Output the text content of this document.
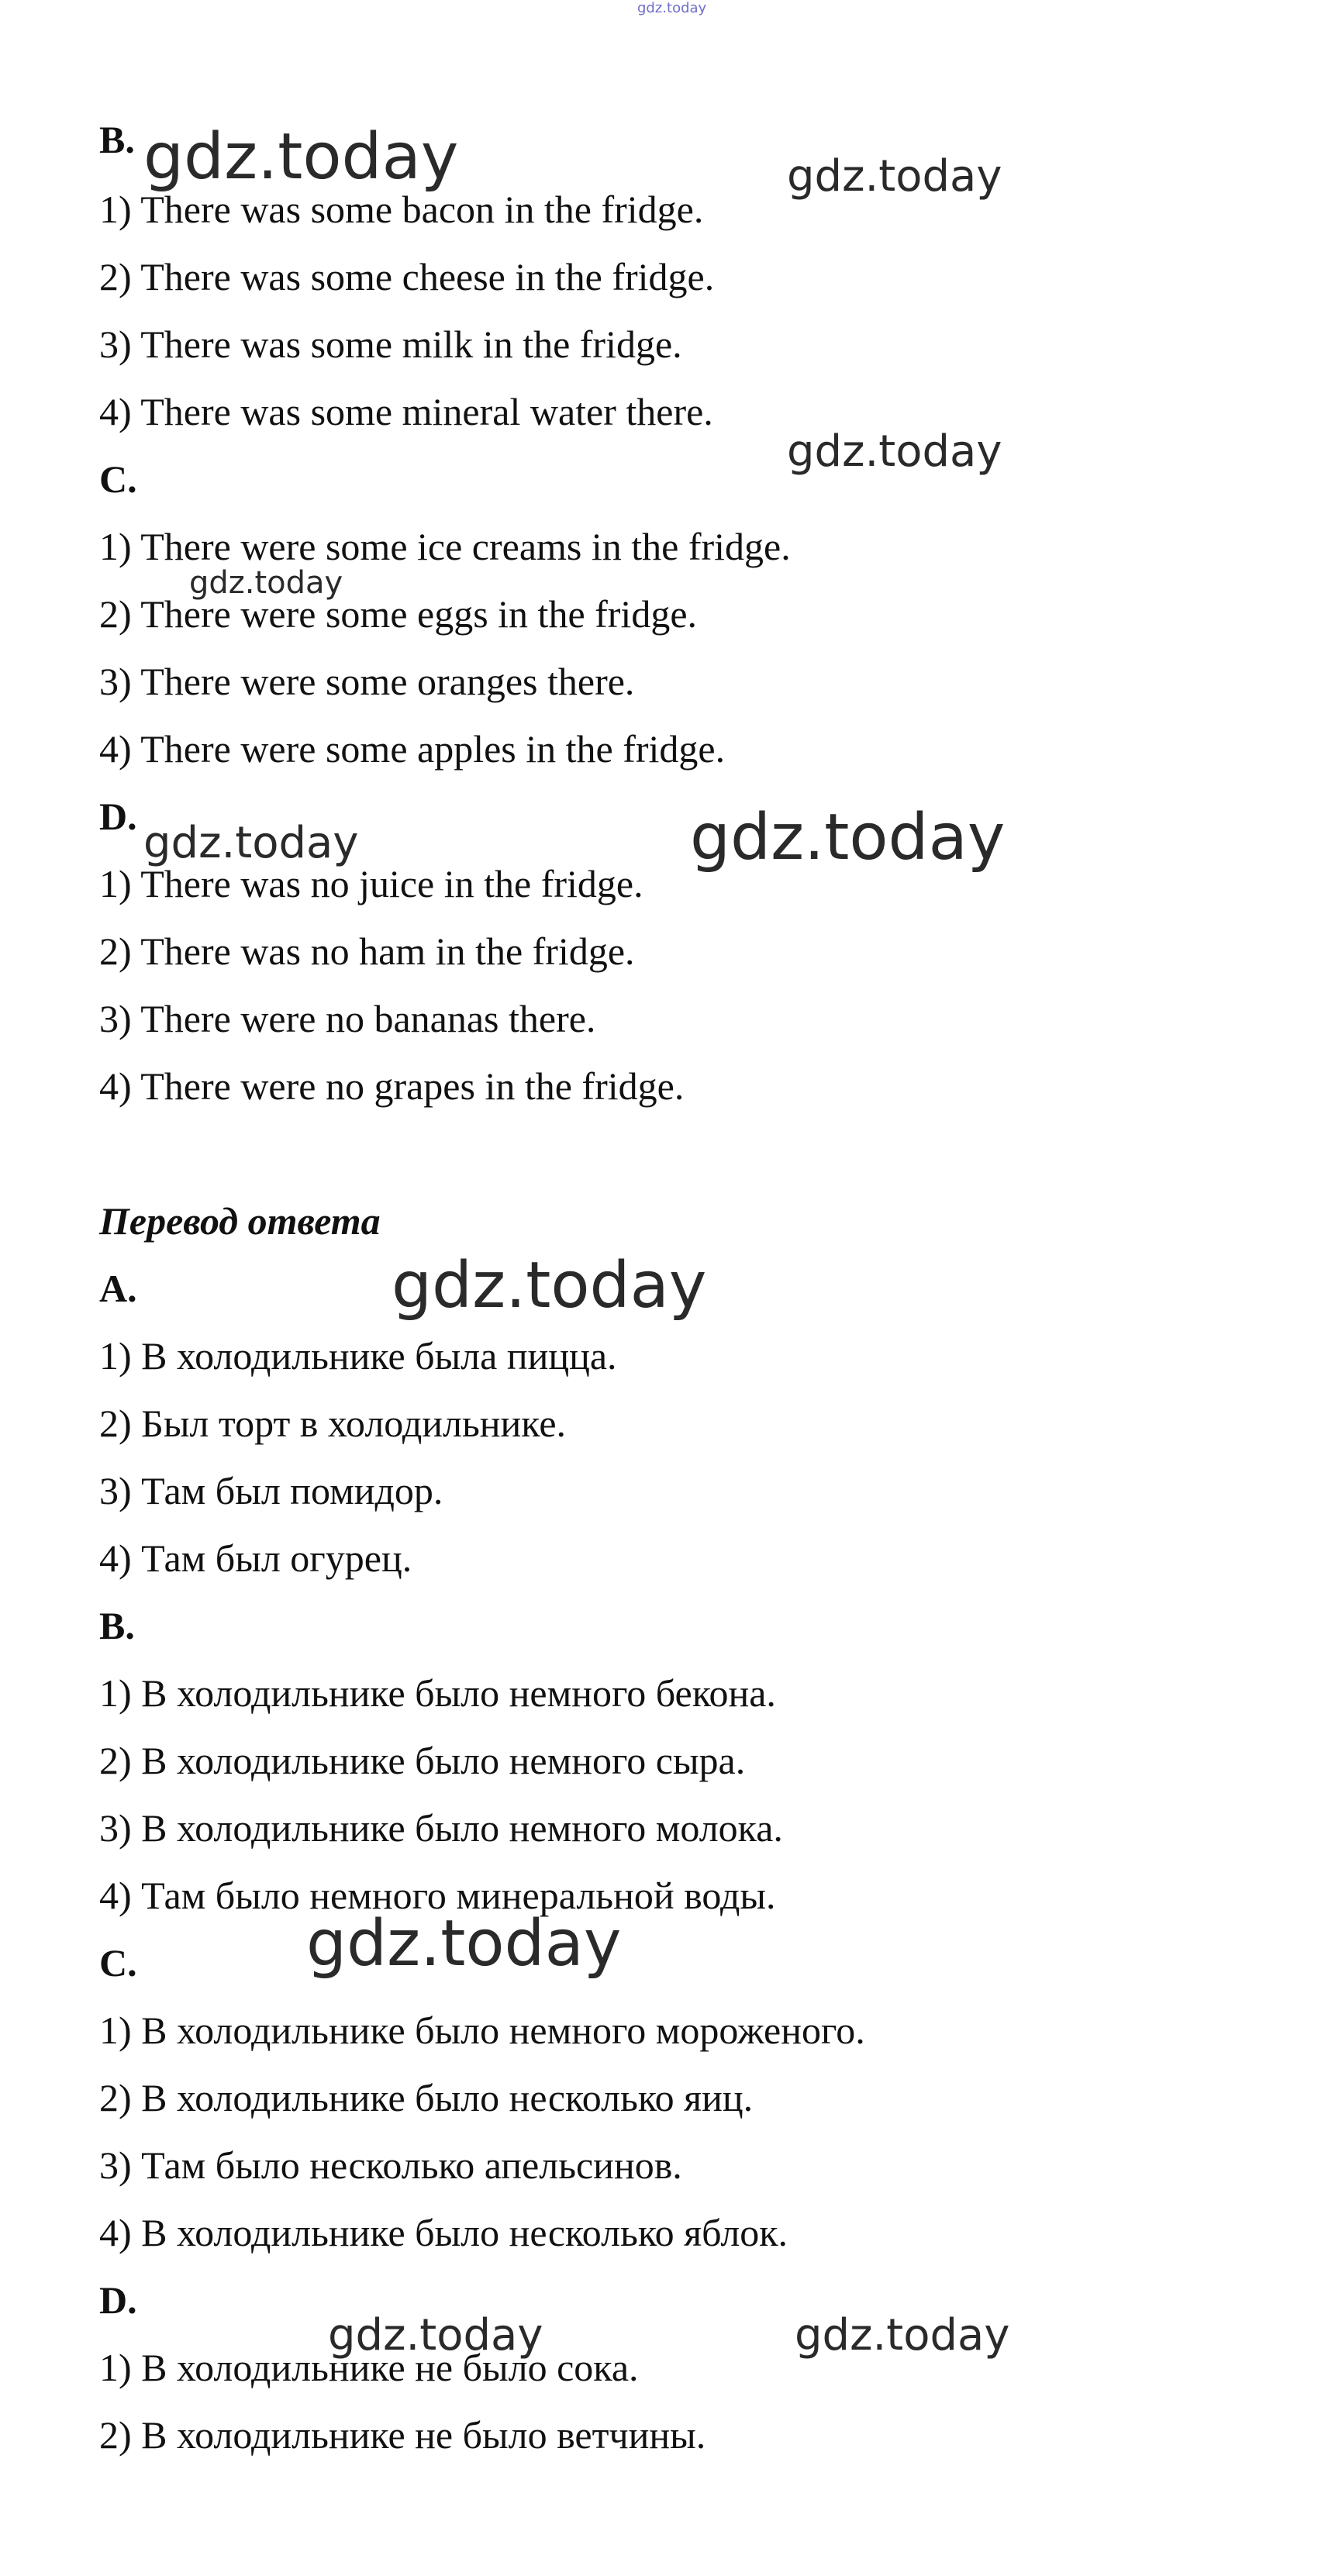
gdz.today
B.
1) There was some bacon in the fridge.
2) There was some cheese in the fridge.
3) There was some milk in the fridge.
4) There was some mineral water there.
C.
1) There were some ice creams in the fridge.
2) There were some eggs in the fridge.
3) There were some oranges there.
4) There were some apples in the fridge.
D.
1) There was no juice in the fridge.
2) There was no ham in the fridge.
3) There were no bananas there.
4) There were no grapes in the fridge.
Перевод ответа
A.
1) В холодильнике была пицца.
2) Был торт в холодильнике.
3) Там был помидор.
4) Там был огурец.
B.
1) В холодильнике было немного бекона.
2) В холодильнике было немного сыра.
3) В холодильнике было немного молока.
4) Там было немного минеральной воды.
C.
1) В холодильнике было немного мороженого.
2) В холодильнике было несколько яиц.
3) Там было несколько апельсинов.
4) В холодильнике было несколько яблок.
D.
1) В холодильнике не было сока.
2) В холодильнике не было ветчины.
gdz.today	gdz.today
gdz.today
gdz.today
gdz.today	gdz.today
gdz.today
gdz.today
gdz.today	gdz.today
